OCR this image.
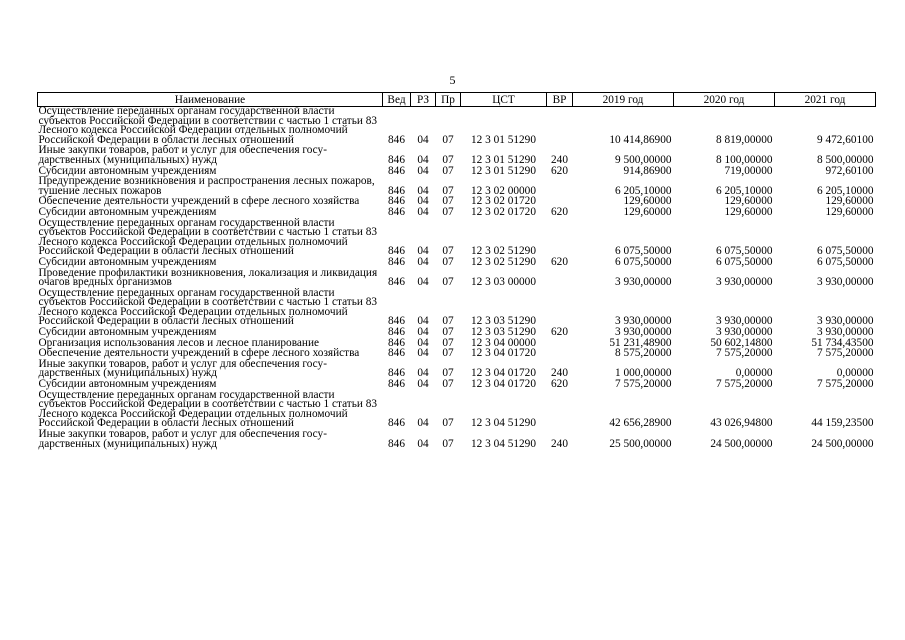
5
Наименование	Вед	РЗ	Пр	ЦСТ	ВР	2019 год	2020 год	2021 год
Осуществление переданных органам государственной власти субъектов Российской Федерации в соответствии с частью 1 статьи 83 Лесного кодекса Российской Федерации отдельных полномочий Российской Федерации в области лесных отношений	846	04	07	12 3 01 51290		10 414,86900	8 819,00000	9 472,60100
Иные закупки товаров, работ и услуг для обеспечения государственных (муниципальных) нужд	846	04	07	12 3 01 51290	240	9 500,00000	8 100,00000	8 500,00000
Субсидии автономным учреждениям	846	04	07	12 3 01 51290	620	914,86900	719,00000	972,60100
Предупреждение возникновения и распространения лесных пожаров, тушение лесных пожаров	846	04	07	12 3 02 00000		6 205,10000	6 205,10000	6 205,10000
Обеспечение деятельности учреждений в сфере лесного хозяйства	846	04	07	12 3 02 01720		129,60000	129,60000	129,60000
Субсидии автономным учреждениям	846	04	07	12 3 02 01720	620	129,60000	129,60000	129,60000
Осуществление переданных органам государственной власти субъектов Российской Федерации в соответствии с частью 1 статьи 83 Лесного кодекса Российской Федерации отдельных полномочий Российской Федерации в области лесных отношений	846	04	07	12 3 02 51290		6 075,50000	6 075,50000	6 075,50000
Субсидии автономным учреждениям	846	04	07	12 3 02 51290	620	6 075,50000	6 075,50000	6 075,50000
Проведение профилактики возникновения, локализация и ликвидация очагов вредных организмов	846	04	07	12 3 03 00000		3 930,00000	3 930,00000	3 930,00000
Осуществление переданных органам государственной власти субъектов Российской Федерации в соответствии с частью 1 статьи 83 Лесного кодекса Российской Федерации отдельных полномочий Российской Федерации в области лесных отношений	846	04	07	12 3 03 51290		3 930,00000	3 930,00000	3 930,00000
Субсидии автономным учреждениям	846	04	07	12 3 03 51290	620	3 930,00000	3 930,00000	3 930,00000
Организация использования лесов и лесное планирование	846	04	07	12 3 04 00000		51 231,48900	50 602,14800	51 734,43500
Обеспечение деятельности учреждений в сфере лесного хозяйства	846	04	07	12 3 04 01720		8 575,20000	7 575,20000	7 575,20000
Иные закупки товаров, работ и услуг для обеспечения государственных (муниципальных) нужд	846	04	07	12 3 04 01720	240	1 000,00000	0,00000	0,00000
Субсидии автономным учреждениям	846	04	07	12 3 04 01720	620	7 575,20000	7 575,20000	7 575,20000
Осуществление переданных органам государственной власти субъектов Российской Федерации в соответствии с частью 1 статьи 83 Лесного кодекса Российской Федерации отдельных полномочий Российской Федерации в области лесных отношений	846	04	07	12 3 04 51290		42 656,28900	43 026,94800	44 159,23500
Иные закупки товаров, работ и услуг для обеспечения государственных (муниципальных) нужд	846	04	07	12 3 04 51290	240	25 500,00000	24 500,00000	24 500,00000
